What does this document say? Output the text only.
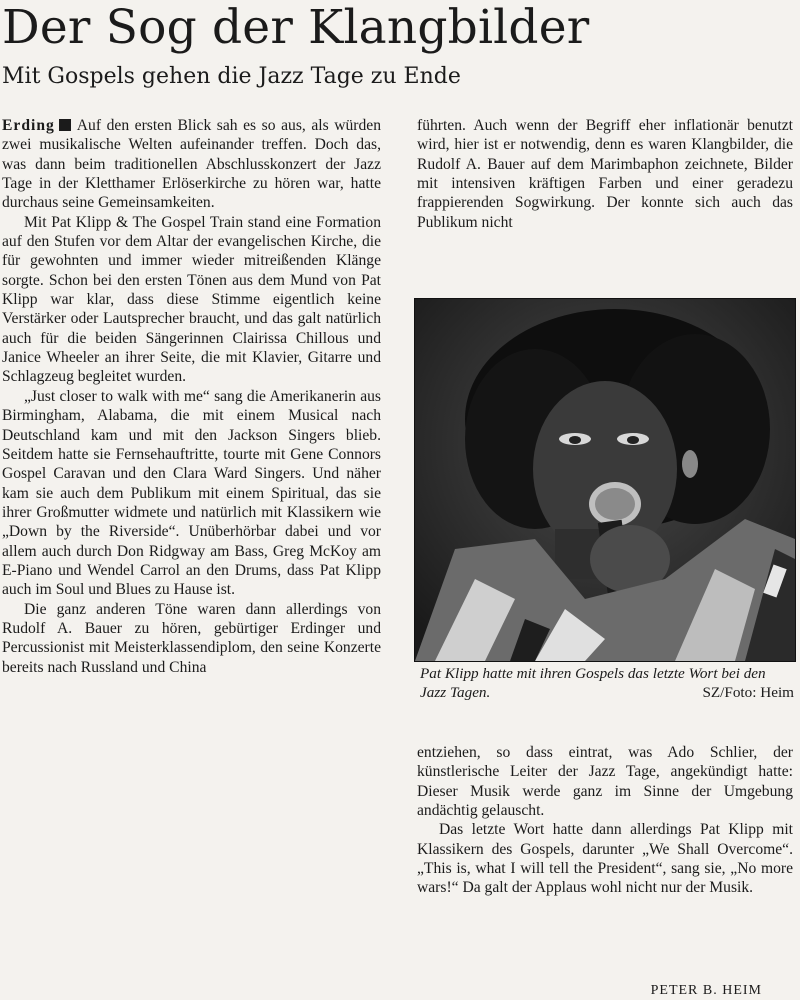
Der Sog der Klangbilder
Mit Gospels gehen die Jazz Tage zu Ende

Erding Auf den ersten Blick sah es so aus, als würden zwei musikalische Welten aufeinander treffen. Doch das, was dann beim traditionellen Abschlusskonzert der Jazz Tage in der Kletthamer Erlöserkirche zu hören war, hatte durchaus seine Gemeinsamkeiten.

Mit Pat Klipp & The Gospel Train stand eine Formation auf den Stufen vor dem Altar der evangelischen Kirche, die für gewohnten und immer wieder mitreißenden Klänge sorgte. Schon bei den ersten Tönen aus dem Mund von Pat Klipp war klar, dass diese Stimme eigentlich keine Verstärker oder Lautsprecher braucht, und das galt natürlich auch für die beiden Sängerinnen Clairissa Chillous und Janice Wheeler an ihrer Seite, die mit Klavier, Gitarre und Schlagzeug begleitet wurden.

„Just closer to walk with me“ sang die Amerikanerin aus Birmingham, Alabama, die mit einem Musical nach Deutschland kam und mit den Jackson Singers blieb. Seitdem hatte sie Fernsehauftritte, tourte mit Gene Connors Gospel Caravan und den Clara Ward Singers. Und näher kam sie auch dem Publikum mit einem Spiritual, das sie ihrer Großmutter widmete und natürlich mit Klassikern wie „Down by the Riverside“. Unüberhörbar dabei und vor allem auch durch Don Ridgway am Bass, Greg McKoy am E-Piano und Wendel Carrol an den Drums, dass Pat Klipp auch im Soul und Blues zu Hause ist.

Die ganz anderen Töne waren dann allerdings von Rudolf A. Bauer zu hören, gebürtiger Erdinger und Percussionist mit Meisterklassendiplom, den seine Konzerte bereits nach Russland und China

führten. Auch wenn der Begriff eher inflationär benutzt wird, hier ist er notwendig, denn es waren Klangbilder, die Rudolf A. Bauer auf dem Marimbaphon zeichnete, Bilder mit intensiven kräftigen Farben und einer geradezu frappierenden Sogwirkung. Der konnte sich auch das Publikum nicht

Pat Klipp hatte mit ihren Gospels das letzte Wort bei den Jazz Tagen.	SZ/Foto: Heim

entziehen, so dass eintrat, was Ado Schlier, der künstlerische Leiter der Jazz Tage, angekündigt hatte: Dieser Musik werde ganz im Sinne der Umgebung andächtig gelauscht.

Das letzte Wort hatte dann allerdings Pat Klipp mit Klassikern des Gospels, darunter „We Shall Overcome“. „This is, what I will tell the President“, sang sie, „No more wars!“ Da galt der Applaus wohl nicht nur der Musik.

PETER B. HEIM
